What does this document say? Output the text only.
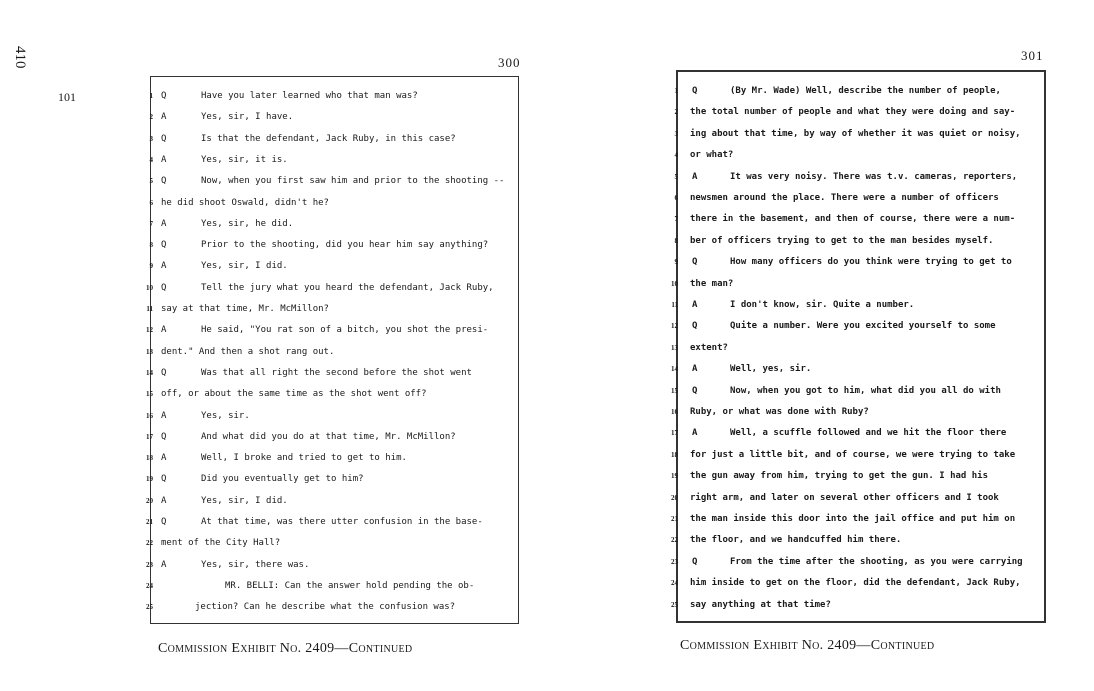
410
101
300	301
1 Q	Have you later learned who that man was?
2 A	Yes, sir, I have.
3 Q	Is that the defendant, Jack Ruby, in this case?
4 A	Yes, sir, it is.
5 Q	Now, when you first saw him and prior to the shooting --
6 he did shoot Oswald, didn't he?
7 A	Yes, sir, he did.
8 Q	Prior to the shooting, did you hear him say anything?
9 A	Yes, sir, I did.
10 Q	Tell the jury what you heard the defendant, Jack Ruby,
11 say at that time, Mr. McMillon?
12 A	He said, "You rat son of a bitch, you shot the presi-
13 dent." And then a shot rang out.
14 Q	Was that all right the second before the shot went
15 off, or about the same time as the shot went off?
16 A	Yes, sir.
17 Q	And what did you do at that time, Mr. McMillon?
18 A	Well, I broke and tried to get to him.
19 Q	Did you eventually get to him?
20 A	Yes, sir, I did.
21 Q	At that time, was there utter confusion in the base-
22 ment of the City Hall?
23 A	Yes, sir, there was.
24	MR. BELLI: Can the answer hold pending the ob-
25	jection? Can he describe what the confusion was?
1 Q	(By Mr. Wade) Well, describe the number of people,
2 the total number of people and what they were doing and say-
3 ing about that time, by way of whether it was quiet or noisy,
4 or what?
5 A	It was very noisy. There was t.v. cameras, reporters,
6 newsmen around the place. There were a number of officers
7 there in the basement, and then of course, there were a num-
8 ber of officers trying to get to the man besides myself.
9 Q	How many officers do you think were trying to get to
10 the man?
11 A	I don't know, sir. Quite a number.
12 Q	Quite a number. Were you excited yourself to some
13 extent?
14 A	Well, yes, sir.
15 Q	Now, when you got to him, what did you all do with
16 Ruby, or what was done with Ruby?
17 A	Well, a scuffle followed and we hit the floor there
18 for just a little bit, and of course, we were trying to take
19 the gun away from him, trying to get the gun. I had his
20 right arm, and later on several other officers and I took
21 the man inside this door into the jail office and put him on
22 the floor, and we handcuffed him there.
23 Q	From the time after the shooting, as you were carrying
24 him inside to get on the floor, did the defendant, Jack Ruby,
25 say anything at that time?
Commission Exhibit No. 2409—Continued	Commission Exhibit No. 2409—Continued
